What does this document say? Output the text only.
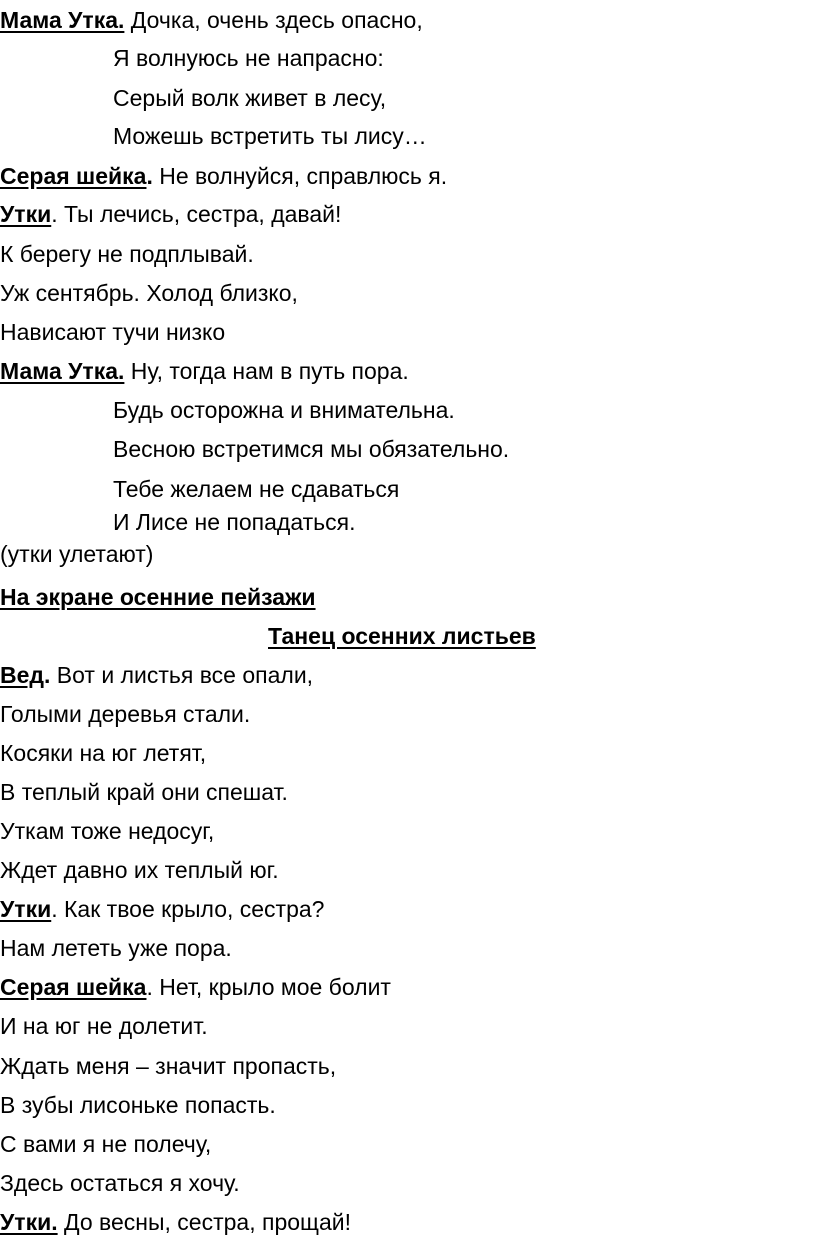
Мама Утка. Дочка, очень здесь опасно,
Я волнуюсь не напрасно:
Серый волк живет в лесу,
Можешь встретить ты лису…
Серая шейка. Не волнуйся, справлюсь я.
Утки. Ты лечись, сестра, давай!
К берегу не подплывай.
Уж сентябрь. Холод близко,
Нависают тучи низко
Мама Утка. Ну, тогда нам в путь пора.
Будь осторожна и внимательна.
Весною встретимся мы обязательно.
Тебе желаем не сдаваться
И Лисе не попадаться.
(утки улетают)
На экране осенние пейзажи
Танец осенних листьев
Вед. Вот и листья все опали,
Голыми деревья стали.
Косяки на юг летят,
В теплый край они спешат.
Уткам тоже недосуг,
Ждет давно их теплый юг.
Утки. Как твое крыло, сестра?
Нам лететь уже пора.
Серая шейка. Нет, крыло мое болит
И на юг не долетит.
Ждать меня – значит пропасть,
В зубы лисоньке попасть.
С вами я не полечу,
Здесь остаться я хочу.
Утки. До весны, сестра, прощай!
